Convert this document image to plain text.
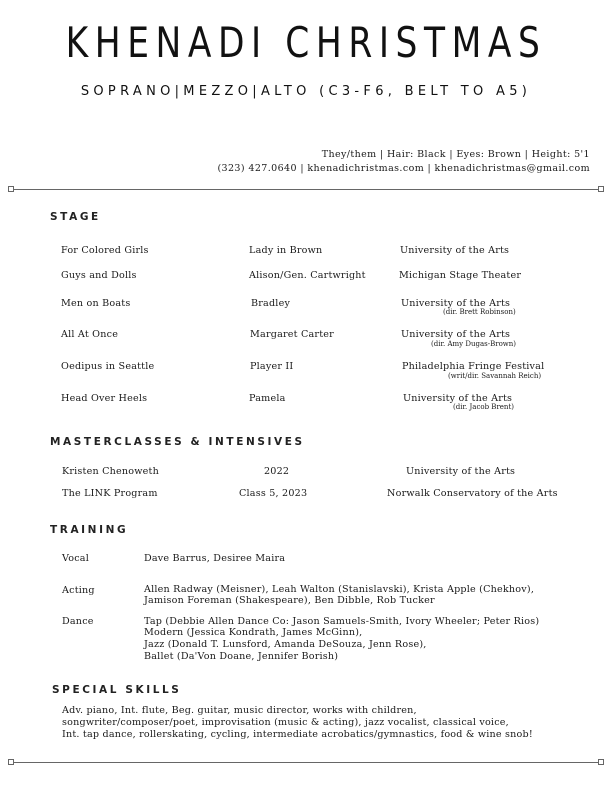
KHENADI CHRISTMAS
SOPRANO|MEZZO|ALTO (C3-F6, BELT TO A5)
They/them | Hair: Black | Eyes: Brown | Height: 5'1
(323) 427.0640 | khenadichristmas.com | khenadichristmas@gmail.com
STAGE
For Colored Girls	Lady in Brown	University of the Arts
Guys and Dolls	Alison/Gen. Cartwright	Michigan Stage Theater
Men on Boats	Bradley	University of the Arts
(dir. Brett Robinson)
All At Once	Margaret Carter	University of the Arts
(dir. Amy Dugas-Brown)
Oedipus in Seattle	Player II	Philadelphia Fringe Festival
(writ/dir. Savannah Reich)
Head Over Heels	Pamela	University of the Arts
(dir. Jacob Brent)
MASTERCLASSES & INTENSIVES
Kristen Chenoweth	2022	University of the Arts
The LINK Program	Class 5, 2023	Norwalk Conservatory of the Arts
TRAINING
Vocal	Dave Barrus, Desiree Maira
Acting	Allen Radway (Meisner), Leah Walton (Stanislavski), Krista Apple (Chekhov),
Jamison Foreman (Shakespeare), Ben Dibble, Rob Tucker
Dance	Tap (Debbie Allen Dance Co: Jason Samuels-Smith, Ivory Wheeler; Peter Rios)
Modern (Jessica Kondrath, James McGinn),
Jazz (Donald T. Lunsford, Amanda DeSouza, Jenn Rose),
Ballet (Da'Von Doane, Jennifer Borish)
SPECIAL SKILLS
Adv. piano, Int. flute, Beg. guitar, music director, works with children,
songwriter/composer/poet, improvisation (music & acting), jazz vocalist, classical voice,
Int. tap dance, rollerskating, cycling, intermediate acrobatics/gymnastics, food & wine snob!
